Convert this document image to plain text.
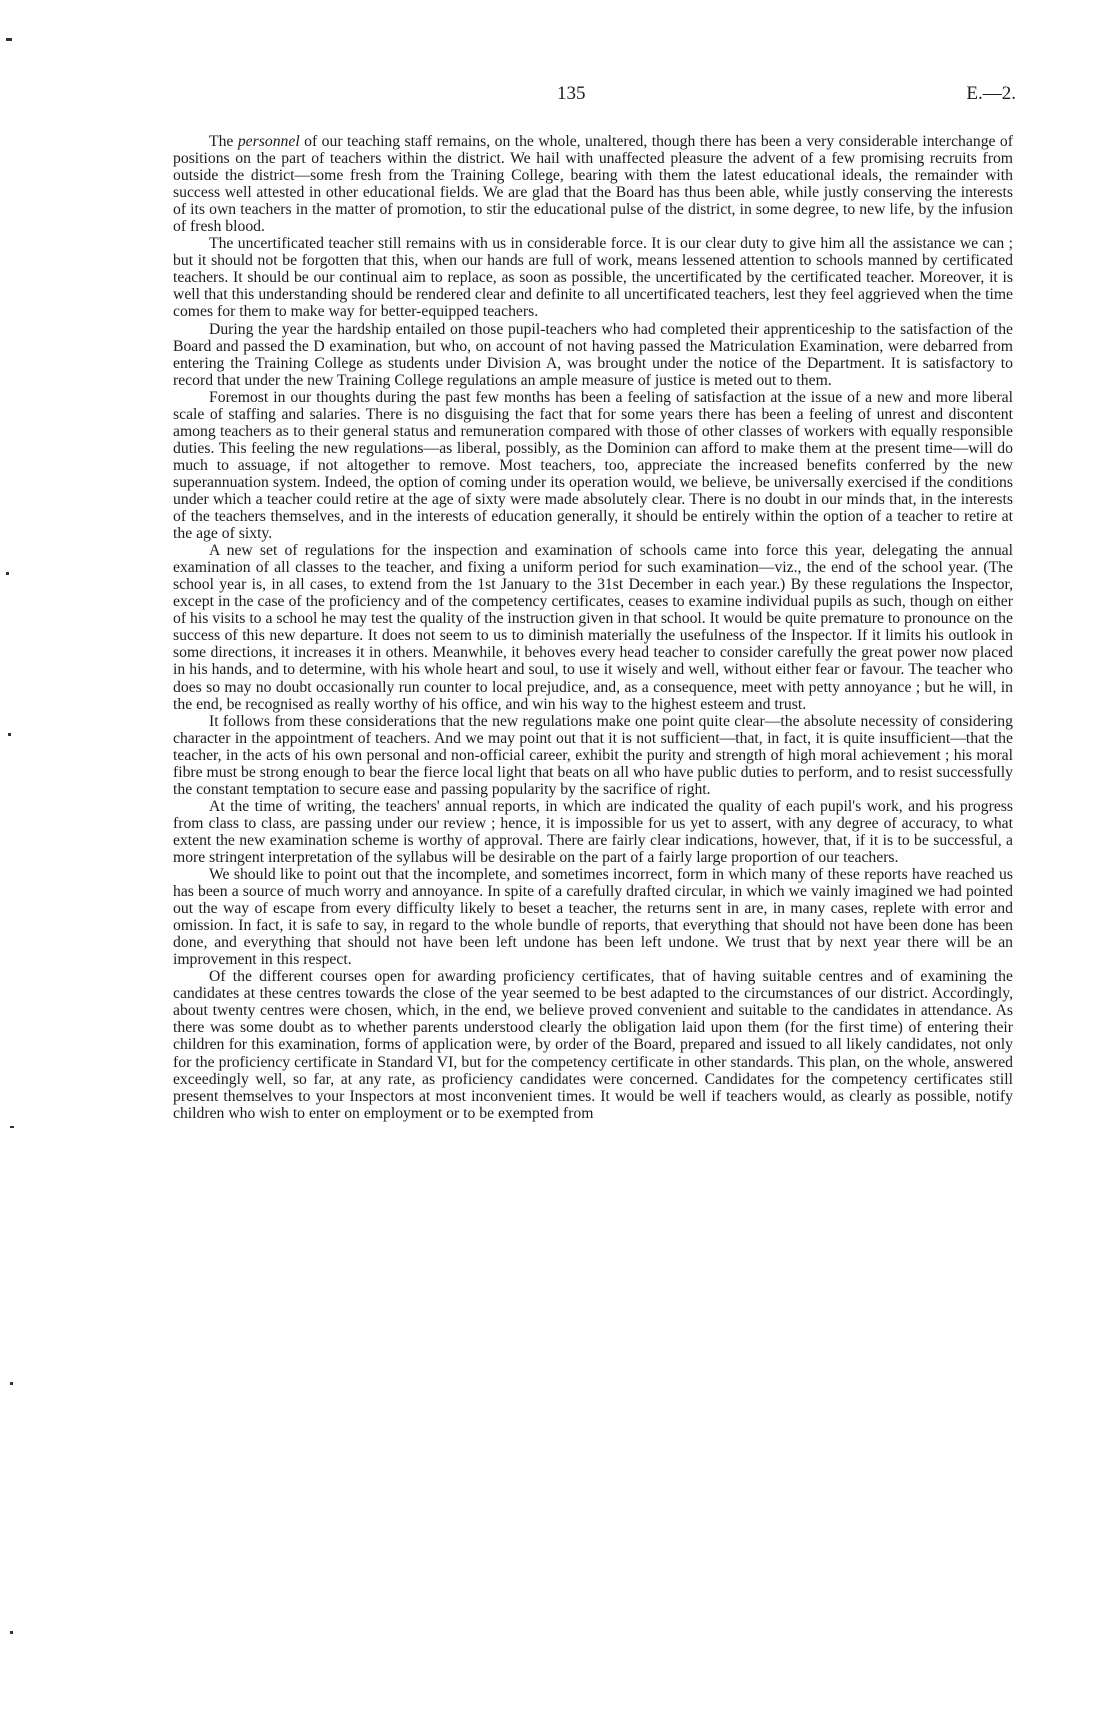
135	E.—2.

The personnel of our teaching staff remains, on the whole, unaltered, though there has been a very considerable interchange of positions on the part of teachers within the district. We hail with unaffected pleasure the advent of a few promising recruits from outside the district—some fresh from the Training College, bearing with them the latest educational ideals, the remainder with success well attested in other educational fields. We are glad that the Board has thus been able, while justly conserving the interests of its own teachers in the matter of promotion, to stir the educational pulse of the district, in some degree, to new life, by the infusion of fresh blood.

The uncertificated teacher still remains with us in considerable force. It is our clear duty to give him all the assistance we can ; but it should not be forgotten that this, when our hands are full of work, means lessened attention to schools manned by certificated teachers. It should be our continual aim to replace, as soon as possible, the uncertificated by the certificated teacher. Moreover, it is well that this understanding should be rendered clear and definite to all uncertificated teachers, lest they feel aggrieved when the time comes for them to make way for better-equipped teachers.

During the year the hardship entailed on those pupil-teachers who had completed their apprenticeship to the satisfaction of the Board and passed the D examination, but who, on account of not having passed the Matriculation Examination, were debarred from entering the Training College as students under Division A, was brought under the notice of the Department. It is satisfactory to record that under the new Training College regulations an ample measure of justice is meted out to them.

Foremost in our thoughts during the past few months has been a feeling of satisfaction at the issue of a new and more liberal scale of staffing and salaries. There is no disguising the fact that for some years there has been a feeling of unrest and discontent among teachers as to their general status and remuneration compared with those of other classes of workers with equally responsible duties. This feeling the new regulations—as liberal, possibly, as the Dominion can afford to make them at the present time—will do much to assuage, if not altogether to remove. Most teachers, too, appreciate the increased benefits conferred by the new superannuation system. Indeed, the option of coming under its operation would, we believe, be universally exercised if the conditions under which a teacher could retire at the age of sixty were made absolutely clear. There is no doubt in our minds that, in the interests of the teachers themselves, and in the interests of education generally, it should be entirely within the option of a teacher to retire at the age of sixty.

A new set of regulations for the inspection and examination of schools came into force this year, delegating the annual examination of all classes to the teacher, and fixing a uniform period for such examination—viz., the end of the school year. (The school year is, in all cases, to extend from the 1st January to the 31st December in each year.) By these regulations the Inspector, except in the case of the proficiency and of the competency certificates, ceases to examine individual pupils as such, though on either of his visits to a school he may test the quality of the instruction given in that school. It would be quite premature to pronounce on the success of this new departure. It does not seem to us to diminish materially the usefulness of the Inspector. If it limits his outlook in some directions, it increases it in others. Meanwhile, it behoves every head teacher to consider carefully the great power now placed in his hands, and to determine, with his whole heart and soul, to use it wisely and well, without either fear or favour. The teacher who does so may no doubt occasionally run counter to local prejudice, and, as a consequence, meet with petty annoyance ; but he will, in the end, be recognised as really worthy of his office, and win his way to the highest esteem and trust.

It follows from these considerations that the new regulations make one point quite clear—the absolute necessity of considering character in the appointment of teachers. And we may point out that it is not sufficient—that, in fact, it is quite insufficient—that the teacher, in the acts of his own personal and non-official career, exhibit the purity and strength of high moral achievement ; his moral fibre must be strong enough to bear the fierce local light that beats on all who have public duties to perform, and to resist successfully the constant temptation to secure ease and passing popularity by the sacrifice of right.

At the time of writing, the teachers' annual reports, in which are indicated the quality of each pupil's work, and his progress from class to class, are passing under our review ; hence, it is impossible for us yet to assert, with any degree of accuracy, to what extent the new examination scheme is worthy of approval. There are fairly clear indications, however, that, if it is to be successful, a more stringent interpretation of the syllabus will be desirable on the part of a fairly large proportion of our teachers.

We should like to point out that the incomplete, and sometimes incorrect, form in which many of these reports have reached us has been a source of much worry and annoyance. In spite of a carefully drafted circular, in which we vainly imagined we had pointed out the way of escape from every difficulty likely to beset a teacher, the returns sent in are, in many cases, replete with error and omission. In fact, it is safe to say, in regard to the whole bundle of reports, that everything that should not have been done has been done, and everything that should not have been left undone has been left undone. We trust that by next year there will be an improvement in this respect.

Of the different courses open for awarding proficiency certificates, that of having suitable centres and of examining the candidates at these centres towards the close of the year seemed to be best adapted to the circumstances of our district. Accordingly, about twenty centres were chosen, which, in the end, we believe proved convenient and suitable to the candidates in attendance. As there was some doubt as to whether parents understood clearly the obligation laid upon them (for the first time) of entering their children for this examination, forms of application were, by order of the Board, prepared and issued to all likely candidates, not only for the proficiency certificate in Standard VI, but for the competency certificate in other standards. This plan, on the whole, answered exceedingly well, so far, at any rate, as proficiency candidates were concerned. Candidates for the competency certificates still present themselves to your Inspectors at most inconvenient times. It would be well if teachers would, as clearly as possible, notify children who wish to enter on employment or to be exempted from
